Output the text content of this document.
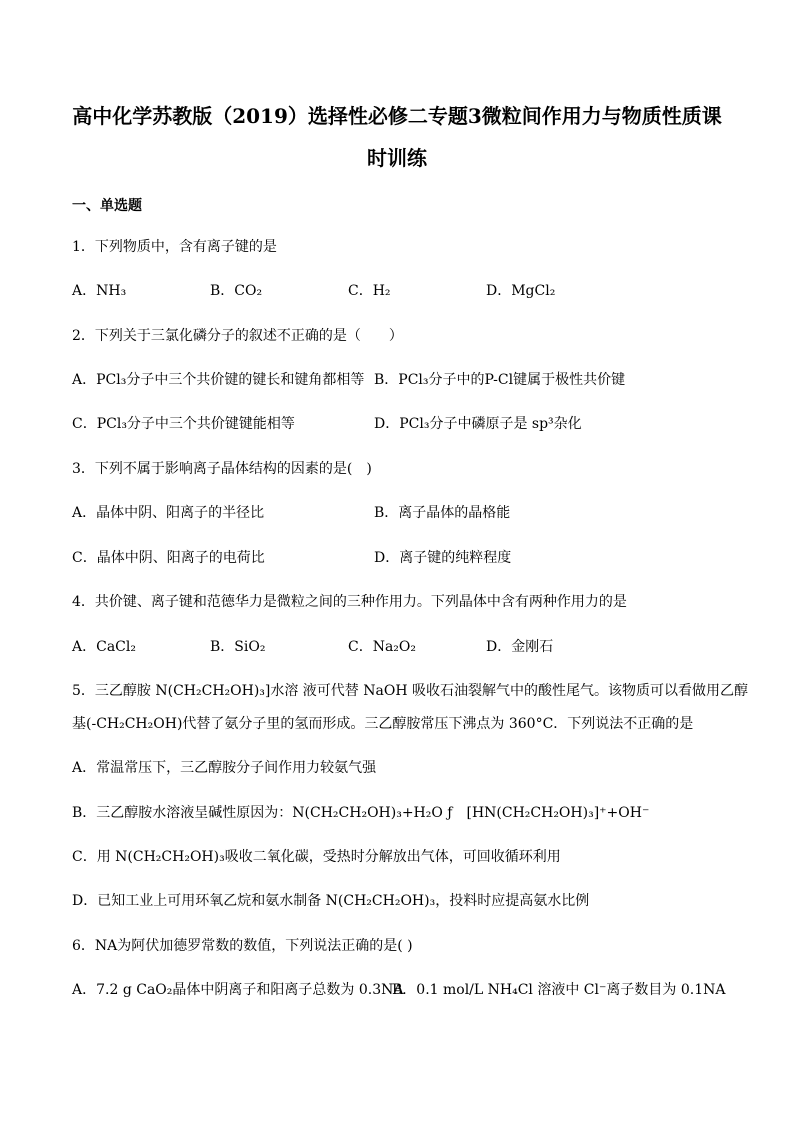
高中化学苏教版（2019）选择性必修二专题3微粒间作用力与物质性质课
时训练
一、单选题
1．下列物质中，含有离子键的是
A．NH₃	B．CO₂	C．H₂	D．MgCl₂
2．下列关于三氯化磷分子的叙述不正确的是（　　）
A．PCl₃分子中三个共价键的键长和键角都相等 B．PCl₃分子中的P-Cl键属于极性共价键
C．PCl₃分子中三个共价键键能相等	D．PCl₃分子中磷原子是 sp³杂化
3．下列不属于影响离子晶体结构的因素的是(　)
A．晶体中阴、阳离子的半径比	B．离子晶体的晶格能
C．晶体中阴、阳离子的电荷比	D．离子键的纯粹程度
4．共价键、离子键和范德华力是微粒之间的三种作用力。下列晶体中含有两种作用力的是
A．CaCl₂	B．SiO₂	C．Na₂O₂	D．金刚石
5．三乙醇胺 N(CH₂CH₂OH)₃]水溶 液可代替 NaOH 吸收石油裂解气中的酸性尾气。该物质可以看做用乙醇
基(-CH₂CH₂OH)代替了氨分子里的氢而形成。三乙醇胺常压下沸点为 360°C．下列说法不正确的是
A．常温常压下，三乙醇胺分子间作用力较氨气强
B．三乙醇胺水溶液呈碱性原因为：N(CH₂CH₂OH)₃+H₂O ƒ　[HN(CH₂CH₂OH)₃]⁺+OH⁻
C．用 N(CH₂CH₂OH)₃吸收二氧化碳，受热时分解放出气体，可回收循环利用
D．已知工业上可用环氧乙烷和氨水制备 N(CH₂CH₂OH)₃，投料时应提高氨水比例
6．NA为阿伏加德罗常数的数值，下列说法正确的是( )
A．7.2 g CaO₂晶体中阴离子和阳离子总数为 0.3NA
B．0.1 mol/L NH₄Cl 溶液中 Cl⁻离子数目为 0.1NA
